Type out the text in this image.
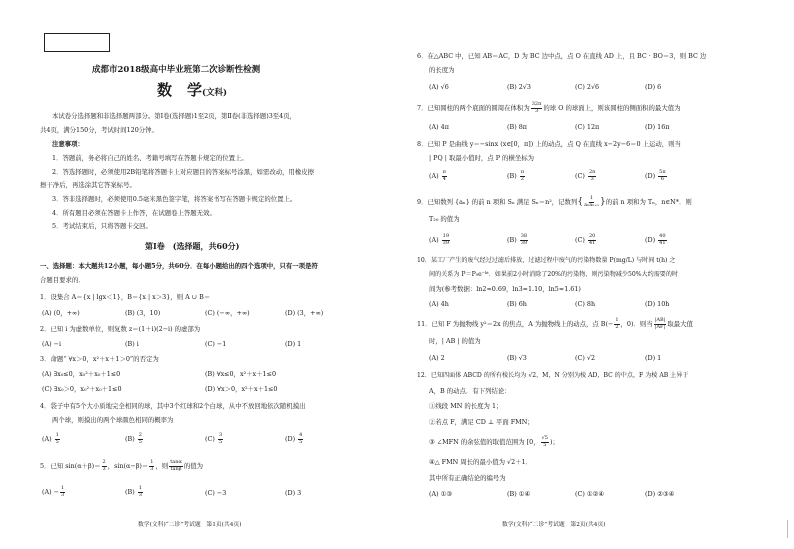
成都市2018级高中毕业班第二次诊断性检测
数　学(文科)
本试卷分选择题和非选择题两部分。第Ⅰ卷(选择题)1至2页，第Ⅱ卷(非选择题)3至4页，
共4页，满分150分，考试时间120分钟。
注意事项：
1．答题前，务必将自己的姓名、考籍号填写在答题卡规定的位置上。
2．答选择题时，必须使用2B铅笔将答题卡上对应题目的答案标号涂黑，如需改动，用橡皮擦
擦干净后，再选涂其它答案标号。
3．答非选择题时，必须使用0.5毫米黑色签字笔，将答案书写在答题卡规定的位置上。
4．所有题目必须在答题卡上作答，在试题卷上答题无效。
5．考试结束后，只将答题卡交回。
第Ⅰ卷　(选择题，共60分)
一、选择题：本大题共12小题，每小题5分，共60分．在每小题给出的四个选项中，只有一项是符
合题目要求的．
1．设集合 A＝{x | lgx＜1}，B＝{x | x＞3}，则 A ∪ B＝
(A) (0，+∞)	(B) (3，10)	(C) (−∞，+∞)	(D) (3，+∞)
2．已知 i 为虚数单位，则复数 z＝(1＋i)(2−i) 的虚部为
(A) −i	(B) i	(C) −1	(D) 1
3．命题“ ∀x＞0，x²＋x＋1＞0”的否定为
(A) ∃x₀≤0，x₀²＋x₀＋1≤0	(B) ∀x≤0，x²＋x＋1≤0
(C) ∃x₀＞0，x₀²＋x₀＋1≤0	(D) ∀x＞0，x²＋x＋1≤0
4．袋子中有5个大小质地完全相同的球，其中3个红球和2个白球，从中不放回地依次随机摸出
两个球，则摸出的两个球颜色相同的概率为
$(A) \frac{1}{5}$	$(B) \frac{2}{5}$	$(C) \frac{3}{5}$	$(D) \frac{4}{5}$
5．已知 $\sin(\alpha+\beta)= \frac{2}{3}$ ，$\sin(\alpha-\beta)= \frac{1}{3}$ ，则 $\frac{\tan\alpha}{\tan\beta}$ 的值为
$(A) - \frac{1}{3}$	$(B) \frac{1}{3}$	(C) −3	(D) 3
数学(文科)“二诊”考试题　第1页(共4页)
6．在△ABC 中，已知 AB＝AC，D 为 BC 边中点，点 O 在直线 AD 上，且 BC · BO＝3，则 BC 边
的长度为
(A) √6	(B) 2√3	(C) 2√6	(D) 6
7．已知圆柱的两个底面的圆周在体积为 $\frac{32\pi}{3}$ 的球 O 的球面上，则该圆柱的侧面积的最大值为
(A) 4π	(B) 8π	(C) 12π	(D) 16π
8．已知 P 是曲线 y＝−sinx (x∈[0，π]) 上的动点，点 Q 在直线 x−2y−6＝0 上运动，则当
| PQ | 取最小值时，点 P 的横坐标为
$(A) \frac{\pi}{4}$	$(B) \frac{\pi}{2}$	$(C) \frac{2\pi}{3}$	$(D) \frac{5\pi}{6}$
9．已知数列 {aₙ} 的前 n 项和 Sₙ 满足 Sₙ＝n²，记数列{ $\frac{1}{\text{aₙaₙ₊₁}}$ }的前 n 项和为 Tₙ，n∈N*．则
T₂₀ 的值为
$(A) \frac{19}{39}$	$(B) \frac{38}{39}$	$(C) \frac{20}{41}$	$(D) \frac{40}{41}$
10．某工厂产生的废气经过过滤后排放，过滤过程中废气的污染物数量 P(mg/L) 与时间 t(h) 之
间的关系为 P＝P₀e⁻ᵏᵗ．如果前2小时消除了20%的污染物，则污染物减少50%大约需要的时
间为(参考数据：ln2≈0.69，ln3≈1.10，ln5≈1.61)
(A) 4h	(B) 6h	(C) 8h	(D) 10h
11．已知 F 为抛物线 y²＝2x 的焦点，A 为抛物线上的动点，点 $B(- \frac{1}{2}$ ，0)．则当 $\frac{|AB|}{|AF|}$ 取最大值
时，| AB | 的值为
(A) 2	(B) √3	(C) √2	(D) 1
12．已知四面体 ABCD 的所有棱长均为 √2，M，N 分别为棱 AD，BC 的中点，F 为棱 AB 上异于
A，B 的动点．有下列结论：
①线段 MN 的长度为 1；
②若点 F，满足 CD ⊥ 平面 FMN；
③ ∠MFN 的余弦值的取值范围为 [0， $\frac{√5}{5}$ )；
④△ FMN 周长的最小值为 √2＋1．
其中所有正确结论的编号为
(A) ①③	(B) ①④	(C) ①②④	(D) ②③④
数学(文科)“二诊”考试题　第2页(共4页)
